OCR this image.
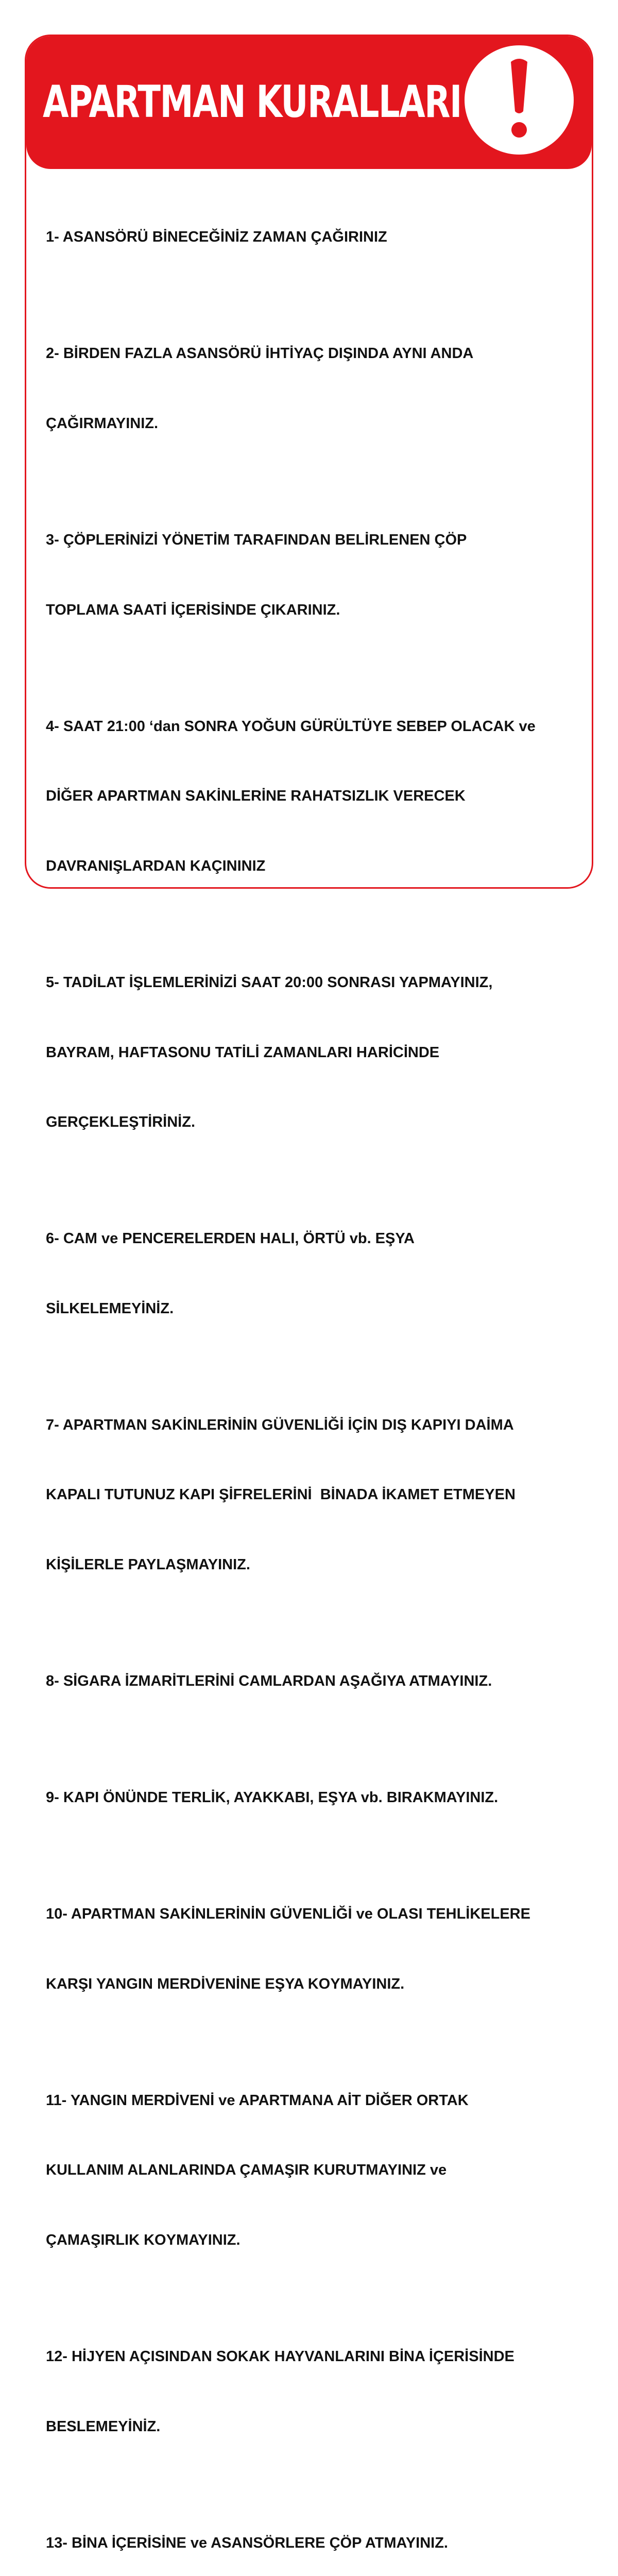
APARTMAN KURALLARI

1- ASANSÖRÜ BİNECEĞİNİZ ZAMAN ÇAĞIRINIZ

2- BİRDEN FAZLA ASANSÖRÜ İHTİYAÇ DIŞINDA AYNI ANDA

ÇAĞIRMAYINIZ.

3- ÇÖPLERİNİZİ YÖNETİM TARAFINDAN BELİRLENEN ÇÖP

TOPLAMA SAATİ İÇERİSİNDE ÇIKARINIZ.

4- SAAT 21:00 ‘dan SONRA YOĞUN GÜRÜLTÜYE SEBEP OLACAK ve

DİĞER APARTMAN SAKİNLERİNE RAHATSIZLIK VERECEK

DAVRANIŞLARDAN KAÇININIZ

5- TADİLAT İŞLEMLERİNİZİ SAAT 20:00 SONRASI YAPMAYINIZ,

BAYRAM, HAFTASONU TATİLİ ZAMANLARI HARİCİNDE

GERÇEKLEŞTİRİNİZ.

6- CAM ve PENCERELERDEN HALI, ÖRTÜ vb. EŞYA

SİLKELEMEYİNİZ.

7- APARTMAN SAKİNLERİNİN GÜVENLİĞİ İÇİN DIŞ KAPIYI DAİMA

KAPALI TUTUNUZ KAPI ŞİFRELERİNİ  BİNADA İKAMET ETMEYEN

KİŞİLERLE PAYLAŞMAYINIZ.

8- SİGARA İZMARİTLERİNİ CAMLARDAN AŞAĞIYA ATMAYINIZ.

9- KAPI ÖNÜNDE TERLİK, AYAKKABI, EŞYA vb. BIRAKMAYINIZ.

10- APARTMAN SAKİNLERİNİN GÜVENLİĞİ ve OLASI TEHLİKELERE

KARŞI YANGIN MERDİVENİNE EŞYA KOYMAYINIZ.

11- YANGIN MERDİVENİ ve APARTMANA AİT DİĞER ORTAK

KULLANIM ALANLARINDA ÇAMAŞIR KURUTMAYINIZ ve

ÇAMAŞIRLIK KOYMAYINIZ.

12- HİJYEN AÇISINDAN SOKAK HAYVANLARINI BİNA İÇERİSİNDE

BESLEMEYİNİZ.

13- BİNA İÇERİSİNE ve ASANSÖRLERE ÇÖP ATMAYINIZ.
